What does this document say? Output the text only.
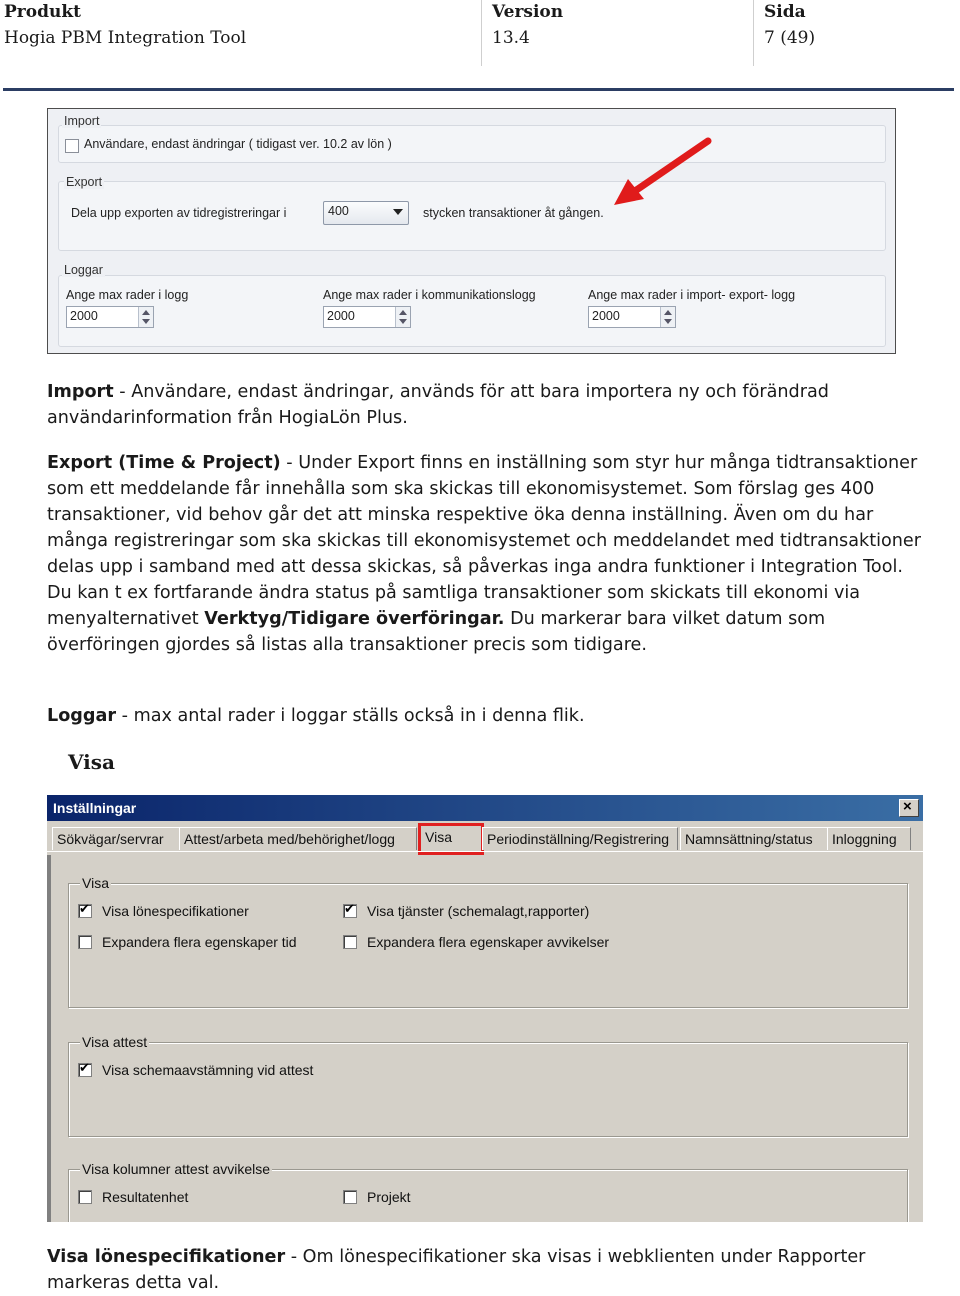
Produkt
Hogia PBM Integration Tool
Version
13.4
Sida
7 (49)
Import
Användare, endast ändringar ( tidigast ver. 10.2 av lön )
Export
Dela upp exporten av tidregistreringar i	400	stycken transaktioner åt gången.
Loggar
Ange max rader i logg
2000
Ange max rader i kommunikationslogg
2000
Ange max rader i import- export- logg
2000
Import - Användare, endast ändringar, används för att bara importera ny och förändrad användarinformation från HogiaLön Plus.
Export (Time & Project) - Under Export finns en inställning som styr hur många tidtransaktioner som ett meddelande får innehålla som ska skickas till ekonomisystemet. Som förslag ges 400 transaktioner, vid behov går det att minska respektive öka denna inställning. Även om du har många registreringar som ska skickas till ekonomisystemet och meddelandet med tidtransaktioner delas upp i samband med att dessa skickas, så påverkas inga andra funktioner i Integration Tool. Du kan t ex fortfarande ändra status på samtliga transaktioner som skickats till ekonomi via menyalternativet Verktyg/Tidigare överföringar. Du markerar bara vilket datum som överföringen gjordes så listas alla transaktioner precis som tidigare.
Loggar - max antal rader i loggar ställs också in i denna flik.
Visa
Inställningar	×
Sökvägar/servrar	Attest/arbeta med/behörighet/logg	Visa	Periodinställning/Registrering	Namnsättning/status	Inloggning
Visa
✔
Visa lönespecifikationer
✔	Visa tjänster (schemalagt,rapporter)
Expandera flera egenskaper tid	Expandera flera egenskaper avvikelser
Visa attest
✔
Visa schemaavstämning vid attest
Visa kolumner attest avvikelse
Resultatenhet	Projekt
Visa lönespecifikationer - Om lönespecifikationer ska visas i webklienten under Rapporter markeras detta val.
